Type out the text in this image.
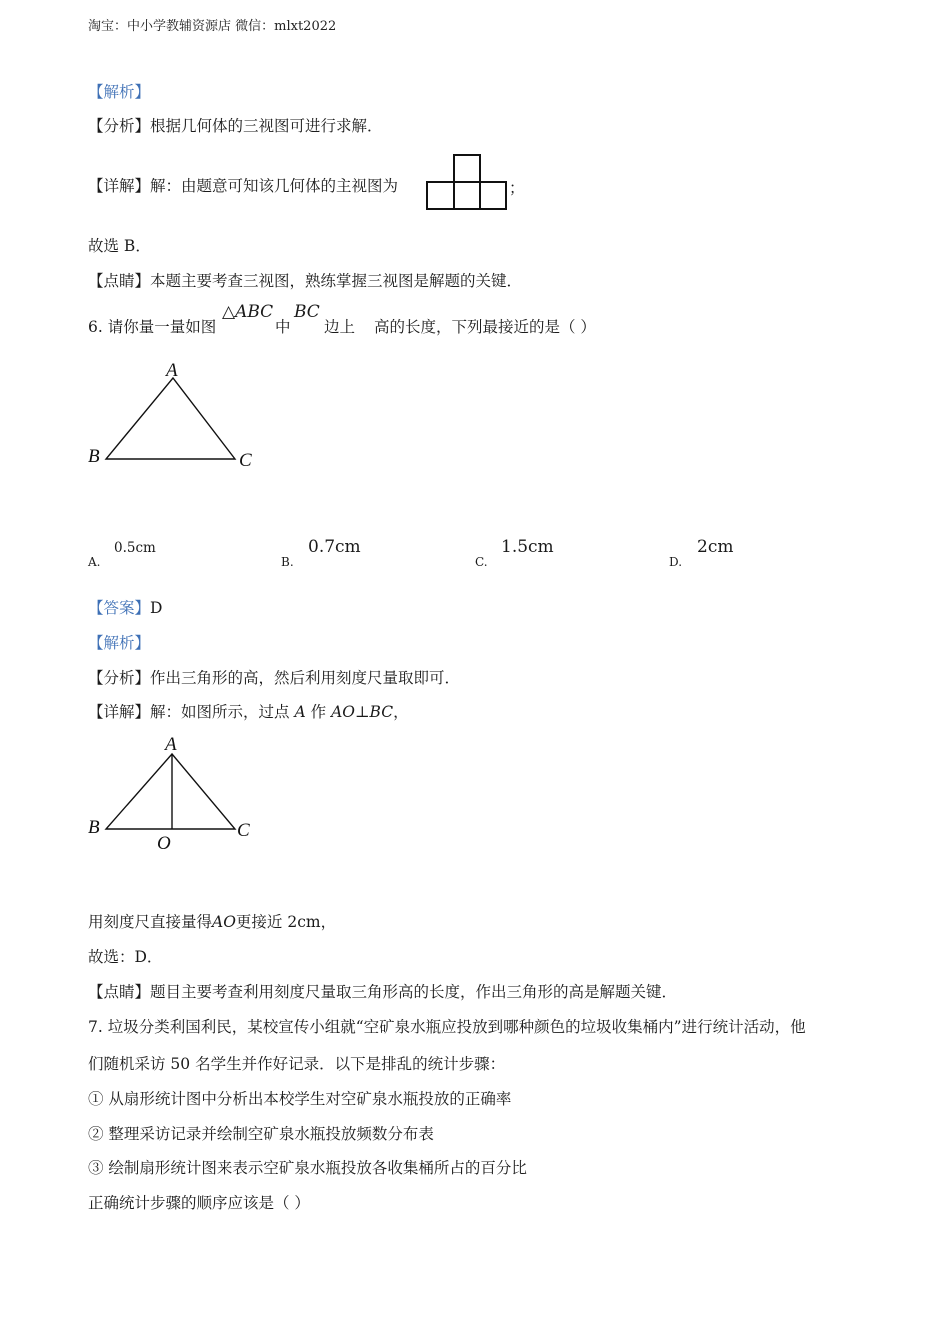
淘宝：中小学教辅资源店 微信：mlxt2022
【解析】
【分析】根据几何体的三视图可进行求解．
【详解】解：由题意可知该几何体的主视图为	；
故选 B．
【点睛】本题主要考查三视图，熟练掌握三视图是解题的关键．
6. 请你量一量如图
△ABC
中
BC
边上 高的长度，下列最接近的是（ ）
A
B	C
A.
0.5cm
B.
0.7cm
C.
1.5cm
D.
2cm
【答案】D
【解析】
【分析】作出三角形的高，然后利用刻度尺量取即可．
【详解】解：如图所示，过点 A 作 AO⊥BC，
A
B	C
O
用刻度尺直接量得AO更接近 2cm，
故选：D．
【点睛】题目主要考查利用刻度尺量取三角形高的长度，作出三角形的高是解题关键．
7. 垃圾分类利国利民，某校宣传小组就“空矿泉水瓶应投放到哪种颜色的垃圾收集桶内”进行统计活动，他
们随机采访 50 名学生并作好记录．以下是排乱的统计步骤：
① 从扇形统计图中分析出本校学生对空矿泉水瓶投放的正确率
② 整理采访记录并绘制空矿泉水瓶投放频数分布表
③ 绘制扇形统计图来表示空矿泉水瓶投放各收集桶所占的百分比
正确统计步骤的顺序应该是（ ）
